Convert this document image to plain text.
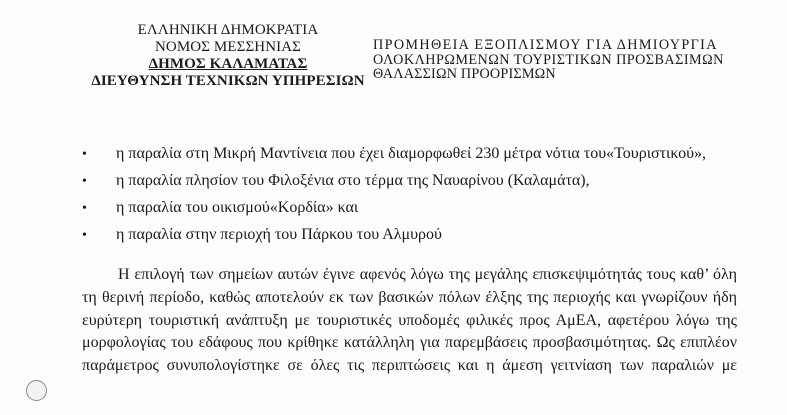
ΕΛΛΗΝΙΚΗ ΔΗΜΟΚΡΑΤΙΑ
ΝΟΜΟΣ ΜΕΣΣΗΝΙΑΣ
ΔΗΜΟΣ ΚΑΛΑΜΑΤΑΣ
ΔΙΕΥΘΥΝΣΗ ΤΕΧΝΙΚΩΝ ΥΠΗΡΕΣΙΩΝ
ΠΡΟΜΗΘΕΙΑ ΕΞΟΠΛΙΣΜΟΥ ΓΙΑ ΔΗΜΙΟΥΡΓΙΑ
ΟΛΟΚΛΗΡΩΜΕΝΩΝ ΤΟΥΡΙΣΤΙΚΩΝ ΠΡΟΣΒΑΣΙΜΩΝ
ΘΑΛΑΣΣΙΩΝ ΠΡΟΟΡΙΣΜΩΝ
• η παραλία στη Μικρή Μαντίνεια που έχει διαμορφωθεί 230 μέτρα νότια του«Τουριστικού»,
• η παραλία πλησίον του Φιλοξένια στο τέρμα της Ναυαρίνου (Καλαμάτα),
• η παραλία του οικισμού«Κορδία» και
• η παραλία στην περιοχή του Πάρκου του Αλμυρού
Η επιλογή των σημείων αυτών έγινε αφενός λόγω της μεγάλης επισκεψιμότητάς τους καθ’ όλη
τη θερινή περίοδο, καθώς αποτελούν εκ των βασικών πόλων έλξης της περιοχής και γνωρίζουν ήδη
ευρύτερη τουριστική ανάπτυξη με τουριστικές υποδομές φιλικές προς ΑμΕΑ, αφετέρου λόγω της
μορφολογίας του εδάφους που κρίθηκε κατάλληλη για παρεμβάσεις προσβασιμότητας. Ως επιπλέον
παράμετρος συνυπολογίστηκε σε όλες τις περιπτώσεις και η άμεση γειτνίαση των παραλιών με
